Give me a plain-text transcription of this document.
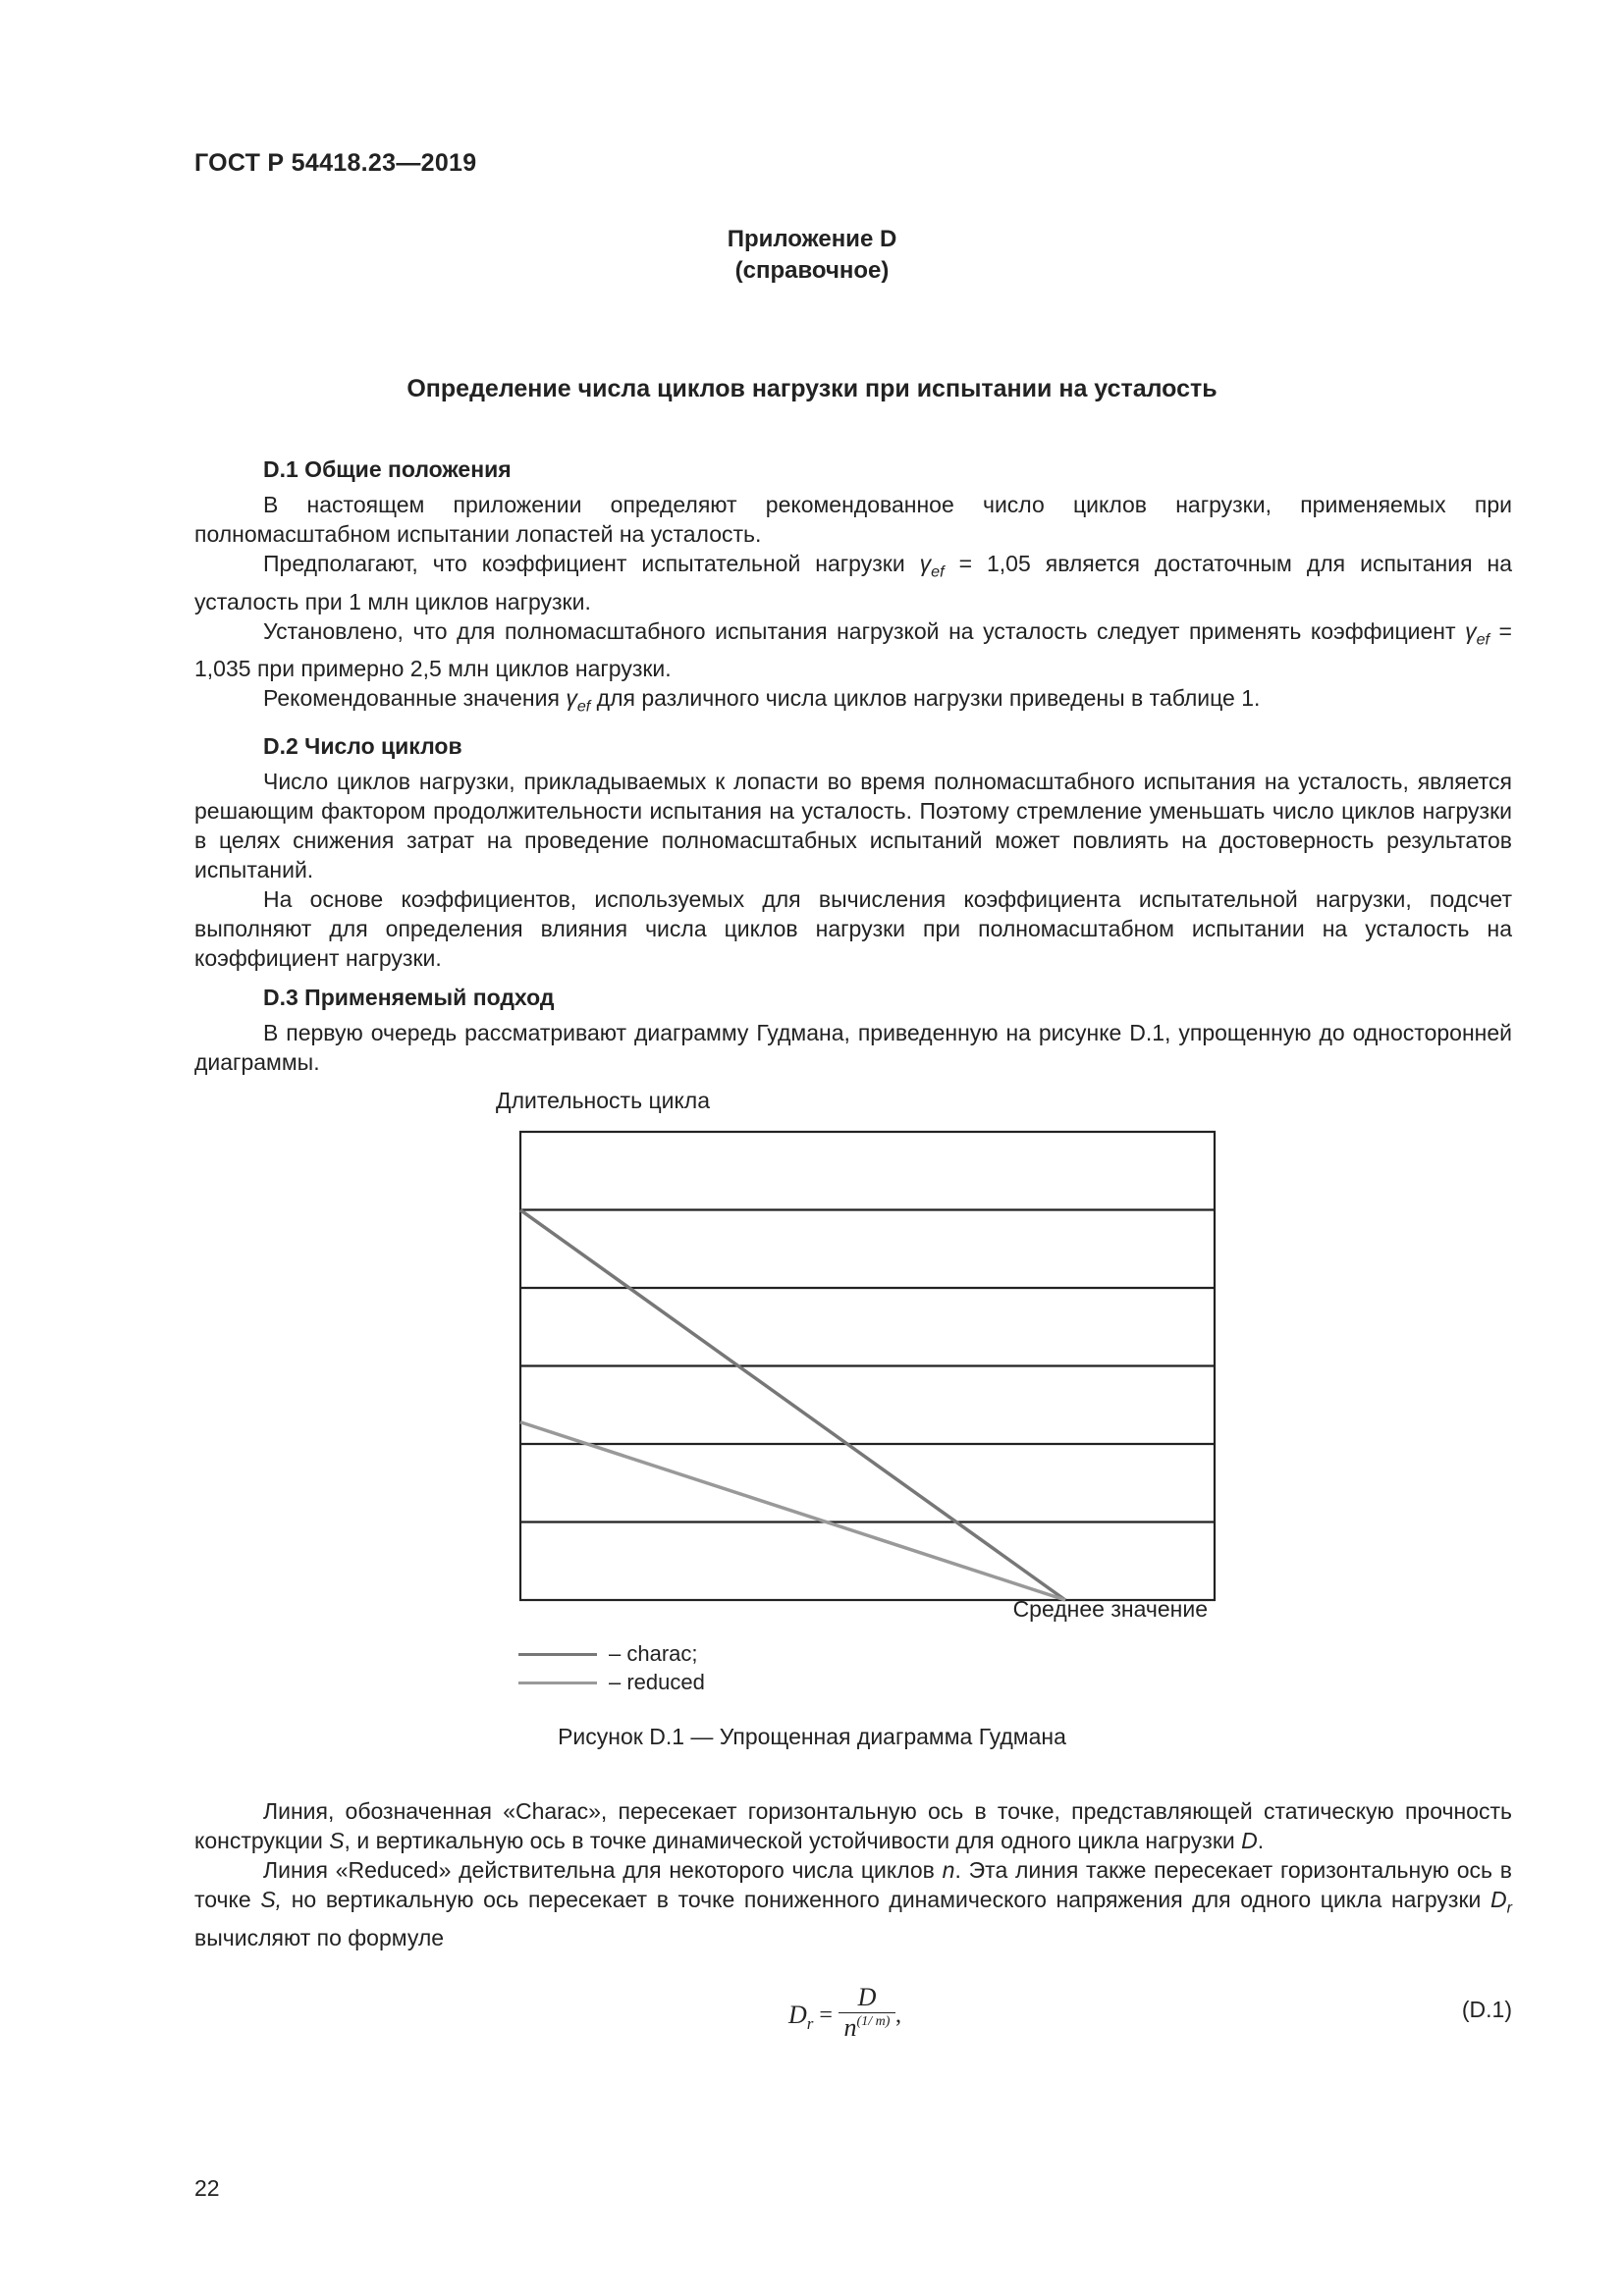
ГОСТ Р 54418.23—2019
Приложение D
(справочное)
Определение числа циклов нагрузки при испытании на усталость

D.1 Общие положения

В настоящем приложении определяют рекомендованное число циклов нагрузки, применяемых при полномасштабном испытании лопастей на усталость.

Предполагают, что коэффициент испытательной нагрузки $\gamma_{ef} = 1,05$ является достаточным для испытания на усталость при 1 млн циклов нагрузки.

Установлено, что для полномасштабного испытания нагрузкой на усталость следует применять коэффициент $\gamma_{ef} = 1,035$ при примерно 2,5 млн циклов нагрузки.

Рекомендованные значения $\gamma_{ef}$ для различного числа циклов нагрузки приведены в таблице 1.

D.2 Число циклов

Число циклов нагрузки, прикладываемых к лопасти во время полномасштабного испытания на усталость, является решающим фактором продолжительности испытания на усталость. Поэтому стремление уменьшать число циклов нагрузки в целях снижения затрат на проведение полномасштабных испытаний может повлиять на достоверность результатов испытаний.

На основе коэффициентов, используемых для вычисления коэффициента испытательной нагрузки, подсчет выполняют для определения влияния числа циклов нагрузки при полномасштабном испытании на усталость на коэффициент нагрузки.

D.3 Применяемый подход

В первую очередь рассматривают диаграмму Гудмана, приведенную на рисунке D.1, упрощенную до односторонней диаграммы.

Длительность цикла
Среднее значение
– charac;
– reduced
Рисунок D.1 — Упрощенная диаграмма Гудмана

Линия, обозначенная «Charac», пересекает горизонтальную ось в точке, представляющей статическую прочность конструкции S, и вертикальную ось в точке динамической устойчивости для одного цикла нагрузки D.

Линия «Reduced» действительна для некоторого числа циклов n. Эта линия также пересекает горизонтальную ось в точке S, но вертикальную ось пересекает в точке пониженного динамического напряжения для одного цикла нагрузки $D_r$ вычисляют по формуле

D r =
D
n(1/ m) ,	(D.1)
22
